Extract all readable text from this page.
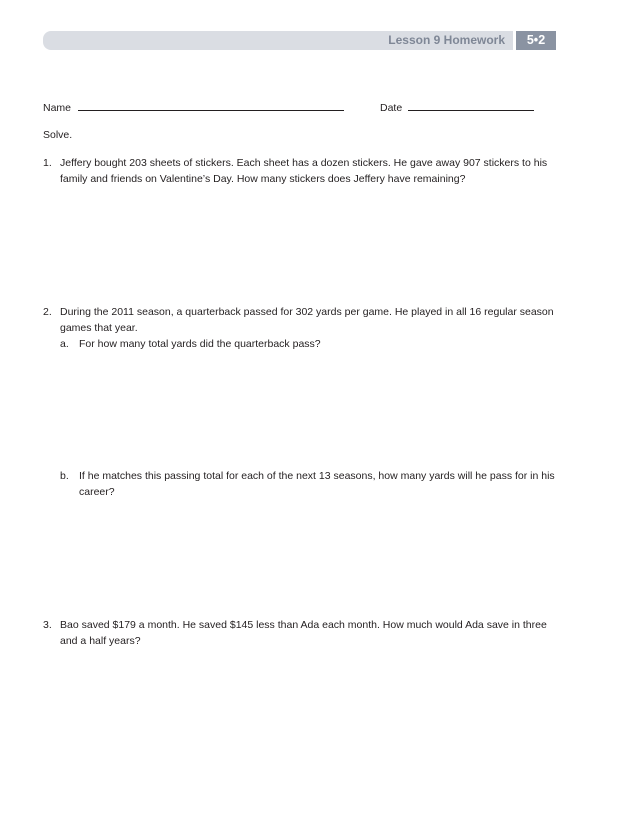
Lesson 9 Homework	5•2
Name	Date
Solve.
1. Jeffery bought 203 sheets of stickers. Each sheet has a dozen stickers. He gave away 907 stickers to his
family and friends on Valentine’s Day. How many stickers does Jeffery have remaining?
2. During the 2011 season, a quarterback passed for 302 yards per game. He played in all 16 regular season
games that year.
a. For how many total yards did the quarterback pass?
b. If he matches this passing total for each of the next 13 seasons, how many yards will he pass for in his
career?
3. Bao saved $179 a month. He saved $145 less than Ada each month. How much would Ada save in three
and a half years?
